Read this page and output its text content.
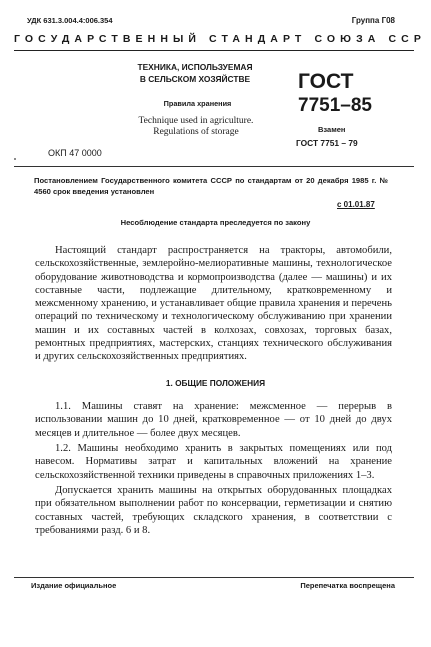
УДК 631.3.004.4:006.354	Группа Г08
ГОСУДАРСТВЕННЫЙ СТАНДАРТ СОЮЗА ССР
ТЕХНИКА, ИСПОЛЬЗУЕМАЯ
В СЕЛЬСКОМ ХОЗЯЙСТВЕ
Правила хранения
Technique used in agriculture.
Regulations of storage
ГОСТ
7751–85
Взамен
ГОСТ 7751 – 79
ОКП 47 0000
Постановлением Государственного комитета СССР по стандартам от 20 декабря 1985 г. № 4560 срок введения установлен
с 01.01.87
Несоблюдение стандарта преследуется по закону
Настоящий стандарт распространяется на тракторы, автомобили, сельскохозяйственные, землеройно-мелиоративные машины, технологическое оборудование животноводства и кормопроизводства (далее — машины) и их составные части, подлежащие длительному, кратковременному и межсменному хранению, и устанавливает общие правила хранения и перечень операций по техническому и технологическому обслуживанию при хранении машин и их составных частей в колхозах, совхозах, торговых базах, ремонтных предприятиях, мастерских, станциях технического обслуживания и других сельскохозяйственных предприятиях.
1. ОБЩИЕ ПОЛОЖЕНИЯ
1.1. Машины ставят на хранение: межсменное — перерыв в использовании машин до 10 дней, кратковременное — от 10 дней до двух месяцев и длительное — более двух месяцев.
1.2. Машины необходимо хранить в закрытых помещениях или под навесом. Нормативы затрат и капитальных вложений на хранение сельскохозяйственной техники приведены в справочных приложениях 1–3.
Допускается хранить машины на открытых оборудованных площадках при обязательном выполнении работ по консервации, герметизации и снятию составных частей, требующих складского хранения, в соответствии с требованиями разд. 6 и 8.
Издание официальное	Перепечатка воспрещена
